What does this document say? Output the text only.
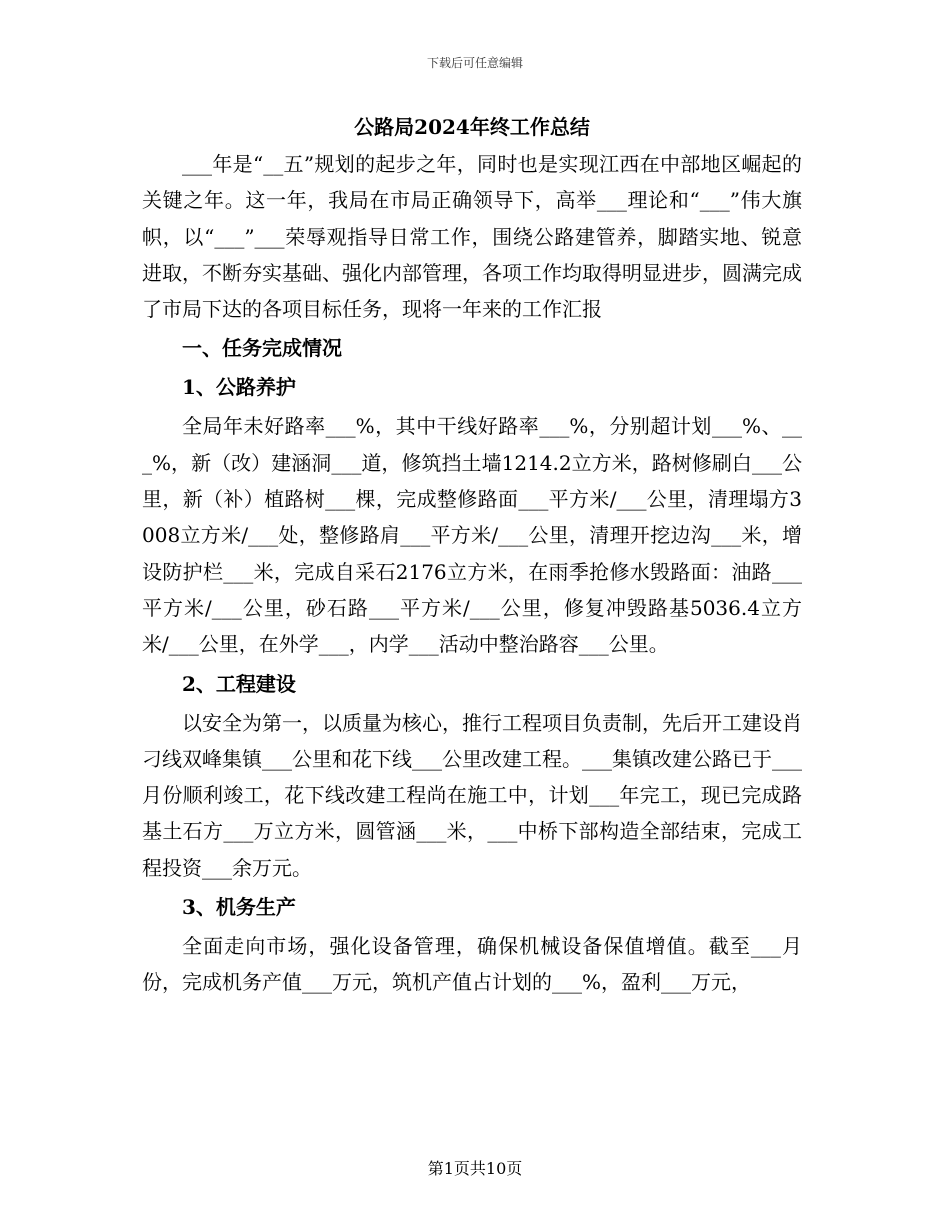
下载后可任意编辑
公路局2024年终工作总结

___年是“__五”规划的起步之年，同时也是实现江西在中部地区崛起的关键之年。这一年，我局在市局正确领导下，高举___理论和“___”伟大旗帜，以“___”___荣辱观指导日常工作，围绕公路建管养，脚踏实地、锐意进取，不断夯实基础、强化内部管理，各项工作均取得明显进步，圆满完成了市局下达的各项目标任务，现将一年来的工作汇报

一、任务完成情况
1、公路养护

全局年未好路率___%，其中干线好路率___%，分别超计划___%、___%，新（改）建涵洞___道，修筑挡土墙1214.2立方米，路树修刷白___公里，新（补）植路树___棵，完成整修路面___平方米/___公里，清理塌方3008立方米/___处，整修路肩___平方米/___公里，清理开挖边沟___米，增设防护栏___米，完成自采石2176立方米，在雨季抢修水毁路面：油路___平方米/___公里，砂石路___平方米/___公里，修复冲毁路基5036.4立方米/___公里，在外学___，内学___活动中整治路容___公里。

2、工程建设

以安全为第一，以质量为核心，推行工程项目负责制，先后开工建设肖刁线双峰集镇___公里和花下线___公里改建工程。___集镇改建公路已于___月份顺利竣工，花下线改建工程尚在施工中，计划___年完工，现已完成路基土石方___万立方米，圆管涵___米，___中桥下部构造全部结束，完成工程投资___余万元。

3、机务生产

全面走向市场，强化设备管理，确保机械设备保值增值。截至___月份，完成机务产值___万元，筑机产值占计划的___%，盈利___万元，

第1页共10页
